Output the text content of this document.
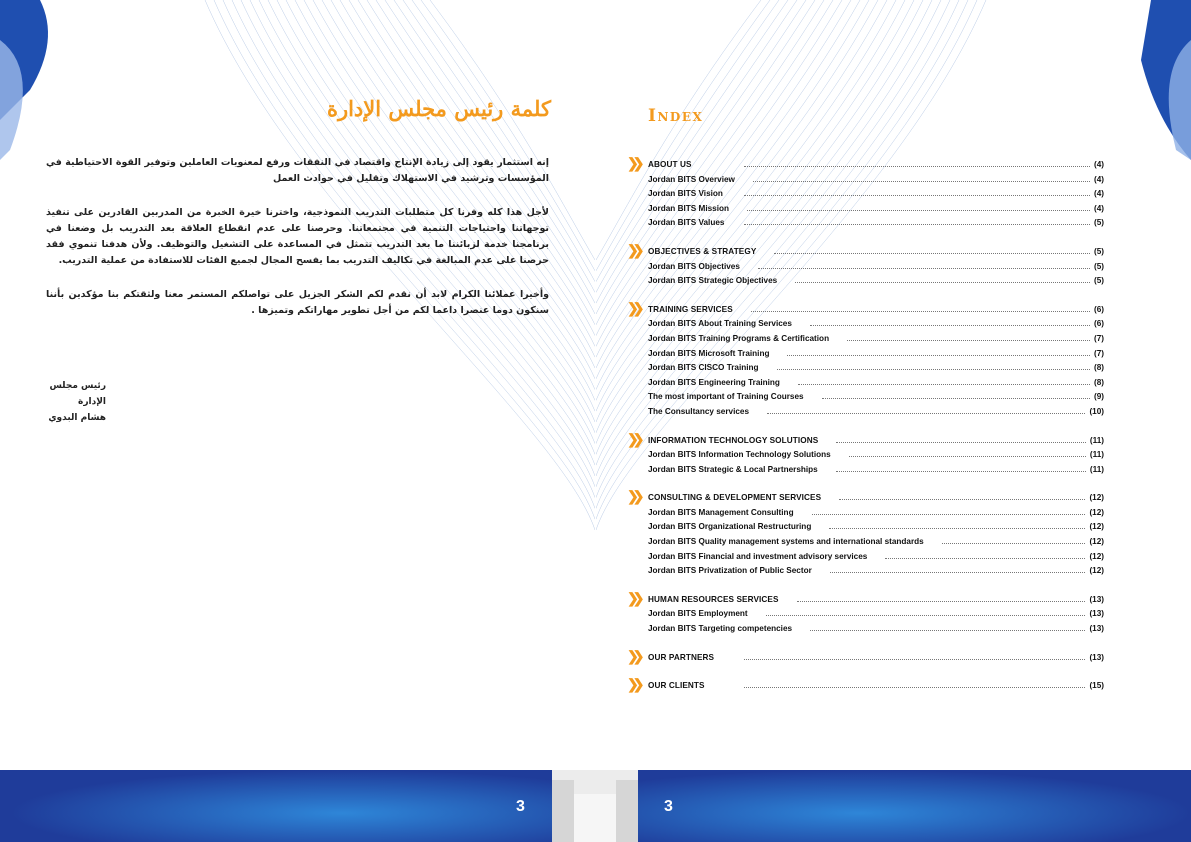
كلمة رئيس مجلس الإدارة

إنه استثمار يقود إلى زيادة الإنتاج واقتصاد في النفقات ورفع لمعنويات العاملين وتوفير القوة الاحتياطية في المؤسسات وترشيد في الاستهلاك وتقليل في حوادث العمل

لأجل هذا كله وفرنا كل متطلبات التدريب النموذجية، واخترنا خيرة الخبرة من المدربين القادرين على تنفيذ توجهاتنا واحتياجات التنمية في مجتمعاتنا. وحرصنا على عدم انقطاع العلاقة بعد التدريب بل وضعنا في برنامجنا خدمة لزبائننا ما بعد التدريب تتمثل في المساعدة على التشغيل والتوظيف. ولأن هدفنا تنموي فقد حرصنا على عدم المبالغة في تكاليف التدريب بما يفسح المجال لجميع الفئات للاستفادة من عملية التدريب.

وأخيرا عملائنا الكرام لابد أن نقدم لكم الشكر الجزيل على تواصلكم المستمر معنا ولثقتكم بنا مؤكدين بأننا سنكون دوما عنصرا داعما لكم من أجل تطوير مهاراتكم وتميزها .

رئيس مجلس الإدارة
هشام البدوي
Index
❯❯ ABOUT US	(4)
Jordan BITS Overview	(4)
Jordan BITS Vision	(4)
Jordan BITS Mission	(4)
Jordan BITS Values	(5)
❯❯ OBJECTIVES & STRATEGY	(5)
Jordan BITS Objectives	(5)
Jordan BITS Strategic Objectives	(5)
❯❯ TRAINING SERVICES	(6)
Jordan BITS About Training Services	(6)
Jordan BITS Training Programs & Certification	(7)
Jordan BITS Microsoft Training	(7)
Jordan BITS CISCO Training	(8)
Jordan BITS Engineering Training	(8)
The most important of Training Courses	(9)
The Consultancy services	(10)
❯❯ INFORMATION TECHNOLOGY SOLUTIONS	(11)
Jordan BITS Information Technology Solutions	(11)
Jordan BITS Strategic & Local Partnerships	(11)
❯❯ CONSULTING & DEVELOPMENT SERVICES	(12)
Jordan BITS Management Consulting	(12)
Jordan BITS Organizational Restructuring	(12)
Jordan BITS Quality management systems and international standards	(12)
Jordan BITS Financial and investment advisory services	(12)
Jordan BITS Privatization of Public Sector	(12)
❯❯ HUMAN RESOURCES SERVICES	(13)
Jordan BITS Employment	(13)
Jordan BITS Targeting competencies	(13)
❯❯ OUR PARTNERS	(13)
❯❯ OUR CLIENTS	(15)
3	3
